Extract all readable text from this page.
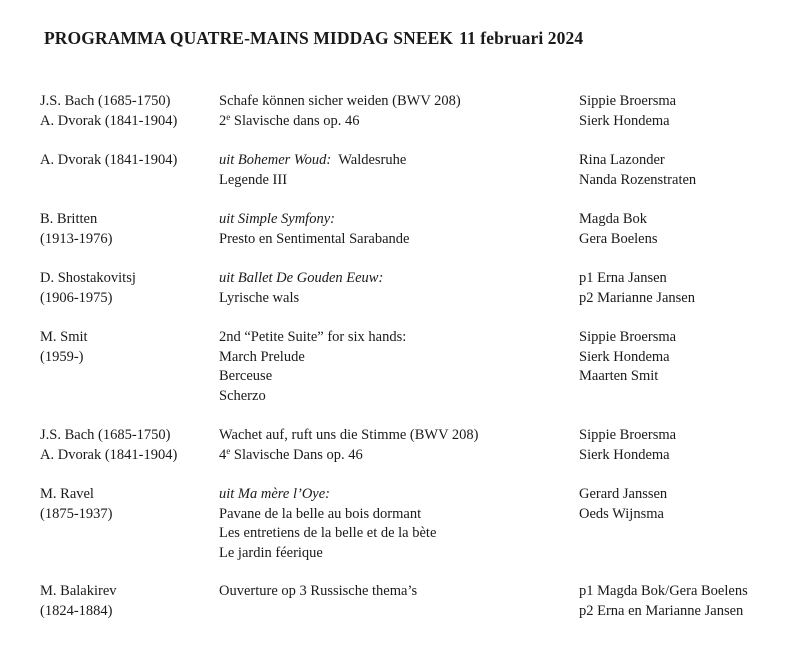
PROGRAMMA QUATRE-MAINS MIDDAG SNEEK 11 februari 2024
J.S. Bach (1685-1750)
A. Dvorak (1841-1904)
Schafe können sicher weiden (BWV 208)
2e Slavische dans op. 46
Sippie Broersma
Sierk Hondema
A. Dvorak (1841-1904)	uit Bohemer Woud: Waldesruhe
Legende III
Rina Lazonder
Nanda Rozenstraten
B. Britten
(1913-1976)
uit Simple Symfony:
Presto en Sentimental Sarabande
Magda Bok
Gera Boelens
D. Shostakovitsj
(1906-1975)
uit Ballet De Gouden Eeuw:
Lyrische wals
p1 Erna Jansen
p2 Marianne Jansen
M. Smit
(1959-)
2nd “Petite Suite” for six hands:
March Prelude
Berceuse
Scherzo
Sippie Broersma
Sierk Hondema
Maarten Smit
J.S. Bach (1685-1750)
A. Dvorak (1841-1904)
Wachet auf, ruft uns die Stimme (BWV 208)
4e Slavische Dans op. 46
Sippie Broersma
Sierk Hondema
M. Ravel
(1875-1937)
uit Ma mère l’Oye:
Pavane de la belle au bois dormant
Les entretiens de la belle et de la bète
Le jardin féerique
Gerard Janssen
Oeds Wijnsma
M. Balakirev
(1824-1884)
Ouverture op 3 Russische thema’s	p1 Magda Bok/Gera Boelens
p2 Erna en Marianne Jansen
